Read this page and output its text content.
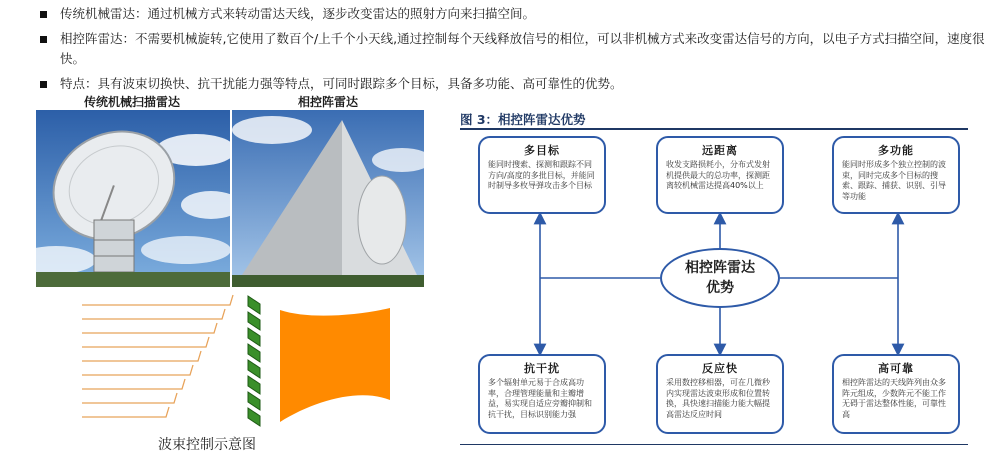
传统机械雷达：通过机械方式来转动雷达天线，逐步改变雷达的照射方向来扫描空间。
相控阵雷达：不需要机械旋转,它使用了数百个/上千个小天线,通过控制每个天线释放信号的相位，可以非机械方式来改变雷达信号的方向，以电子方式扫描空间，速度很快。
特点：具有波束切换快、抗干扰能力强等特点，可同时跟踪多个目标，具备多功能、高可靠性的优势。
传统机械扫描雷达	相控阵雷达
波束控制示意图
图 3：相控阵雷达优势
多目标
能同时搜索、探测和跟踪不同方向/高度的多批目标，并能同时制导多枚导弹攻击多个目标
远距离
收发支路损耗小，分布式发射机提供最大的总功率，探测距离较机械雷达提高40%以上
多功能
能同时形成多个独立控制的波束，同时完成多个目标的搜索、跟踪、捕获、识别、引导等功能
相控阵雷达优势
抗干扰
多个辐射单元易于合成高功率，合理管理能量和主瓣增益，易实现自适应旁瓣抑制和抗干扰，目标识别能力强
反应快
采用数控移相器，可在几微秒内实现雷达波束形成和位置转换，具快速扫描能力能大幅提高雷达反应时间
高可靠
相控阵雷达的天线阵列由众多阵元组成，少数阵元不能工作无碍于雷达整体性能，可靠性高
